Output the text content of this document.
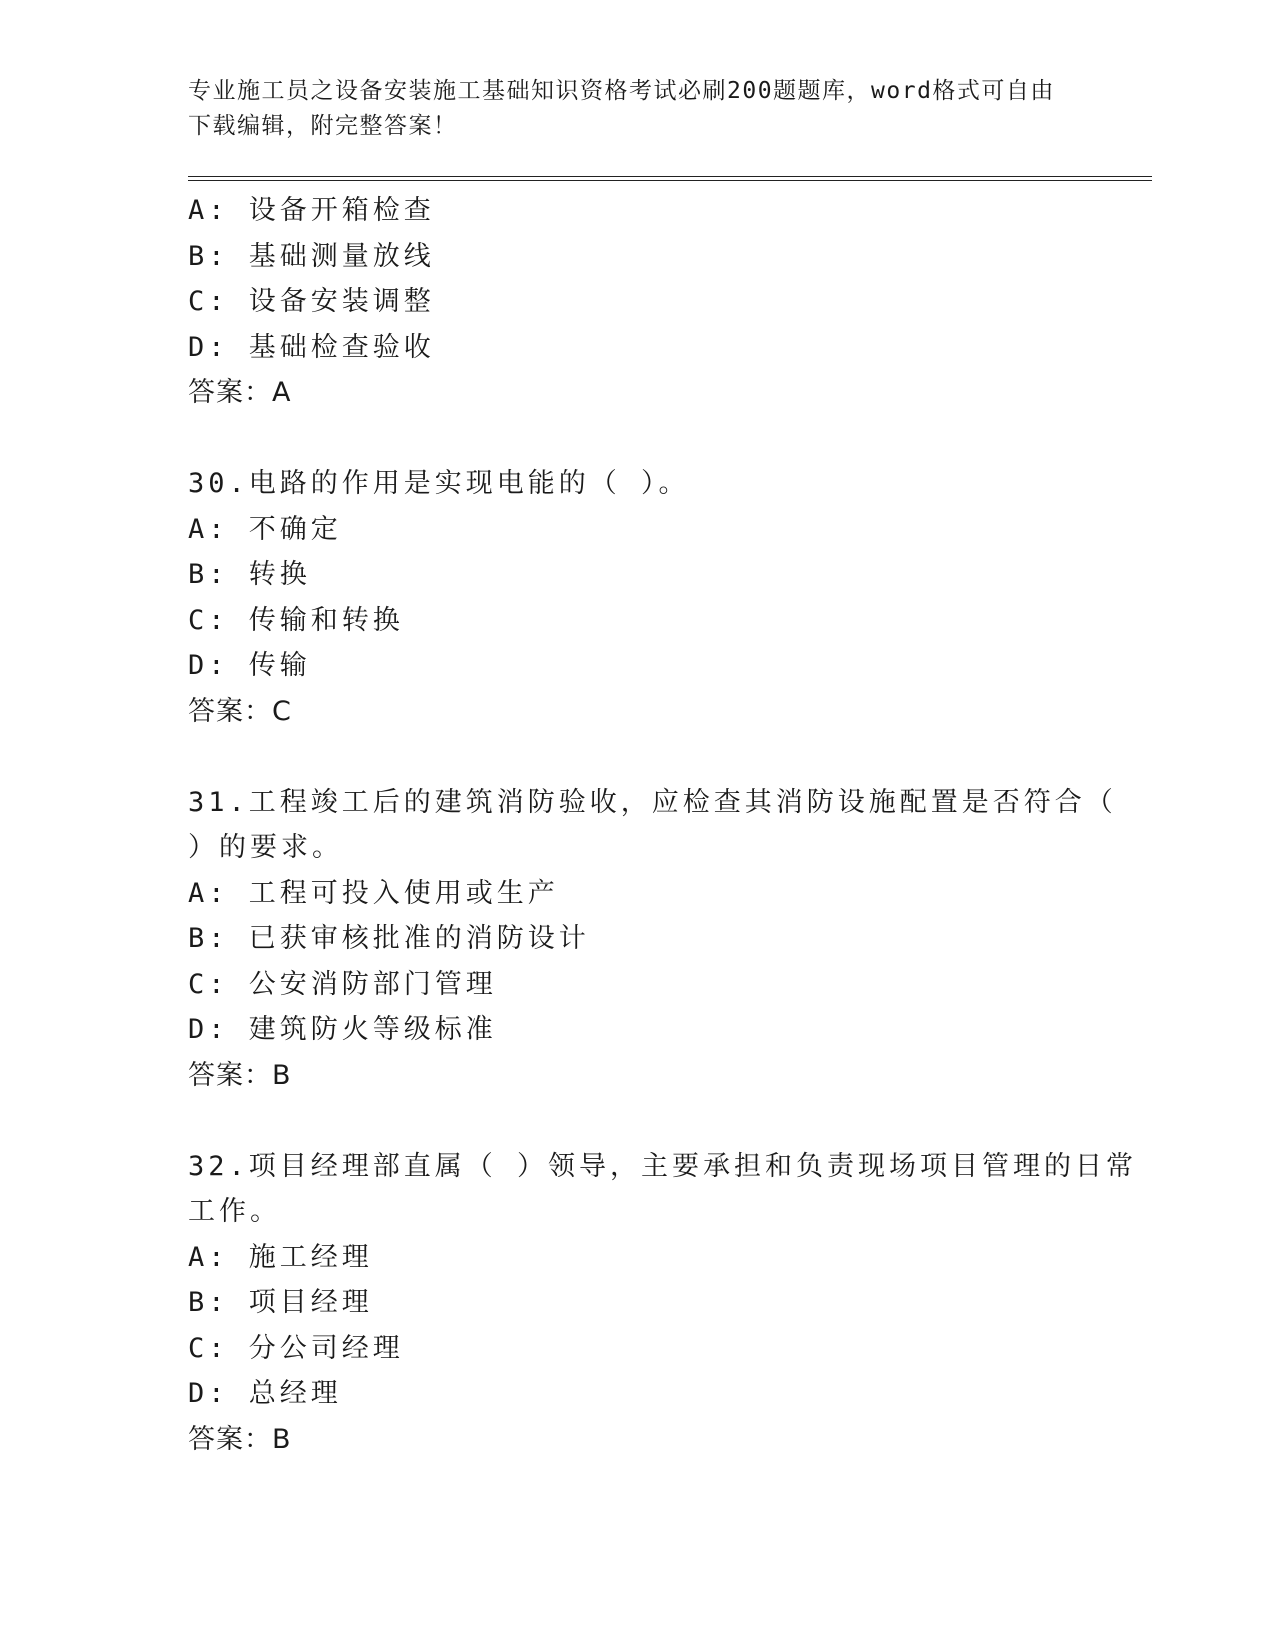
专业施工员之设备安装施工基础知识资格考试必刷200题题库，word格式可自由下载编辑，附完整答案！
A: 设备开箱检查
B: 基础测量放线
C: 设备安装调整
D: 基础检查验收
答案：A
30.电路的作用是实现电能的（ ）。
A: 不确定
B: 转换
C: 传输和转换
D: 传输
答案：C
31.工程竣工后的建筑消防验收，应检查其消防设施配置是否符合（
）的要求。
A: 工程可投入使用或生产
B: 已获审核批准的消防设计
C: 公安消防部门管理
D: 建筑防火等级标准
答案：B
32.项目经理部直属（ ）领导，主要承担和负责现场项目管理的日常
工作。
A: 施工经理
B: 项目经理
C: 分公司经理
D: 总经理
答案：B
